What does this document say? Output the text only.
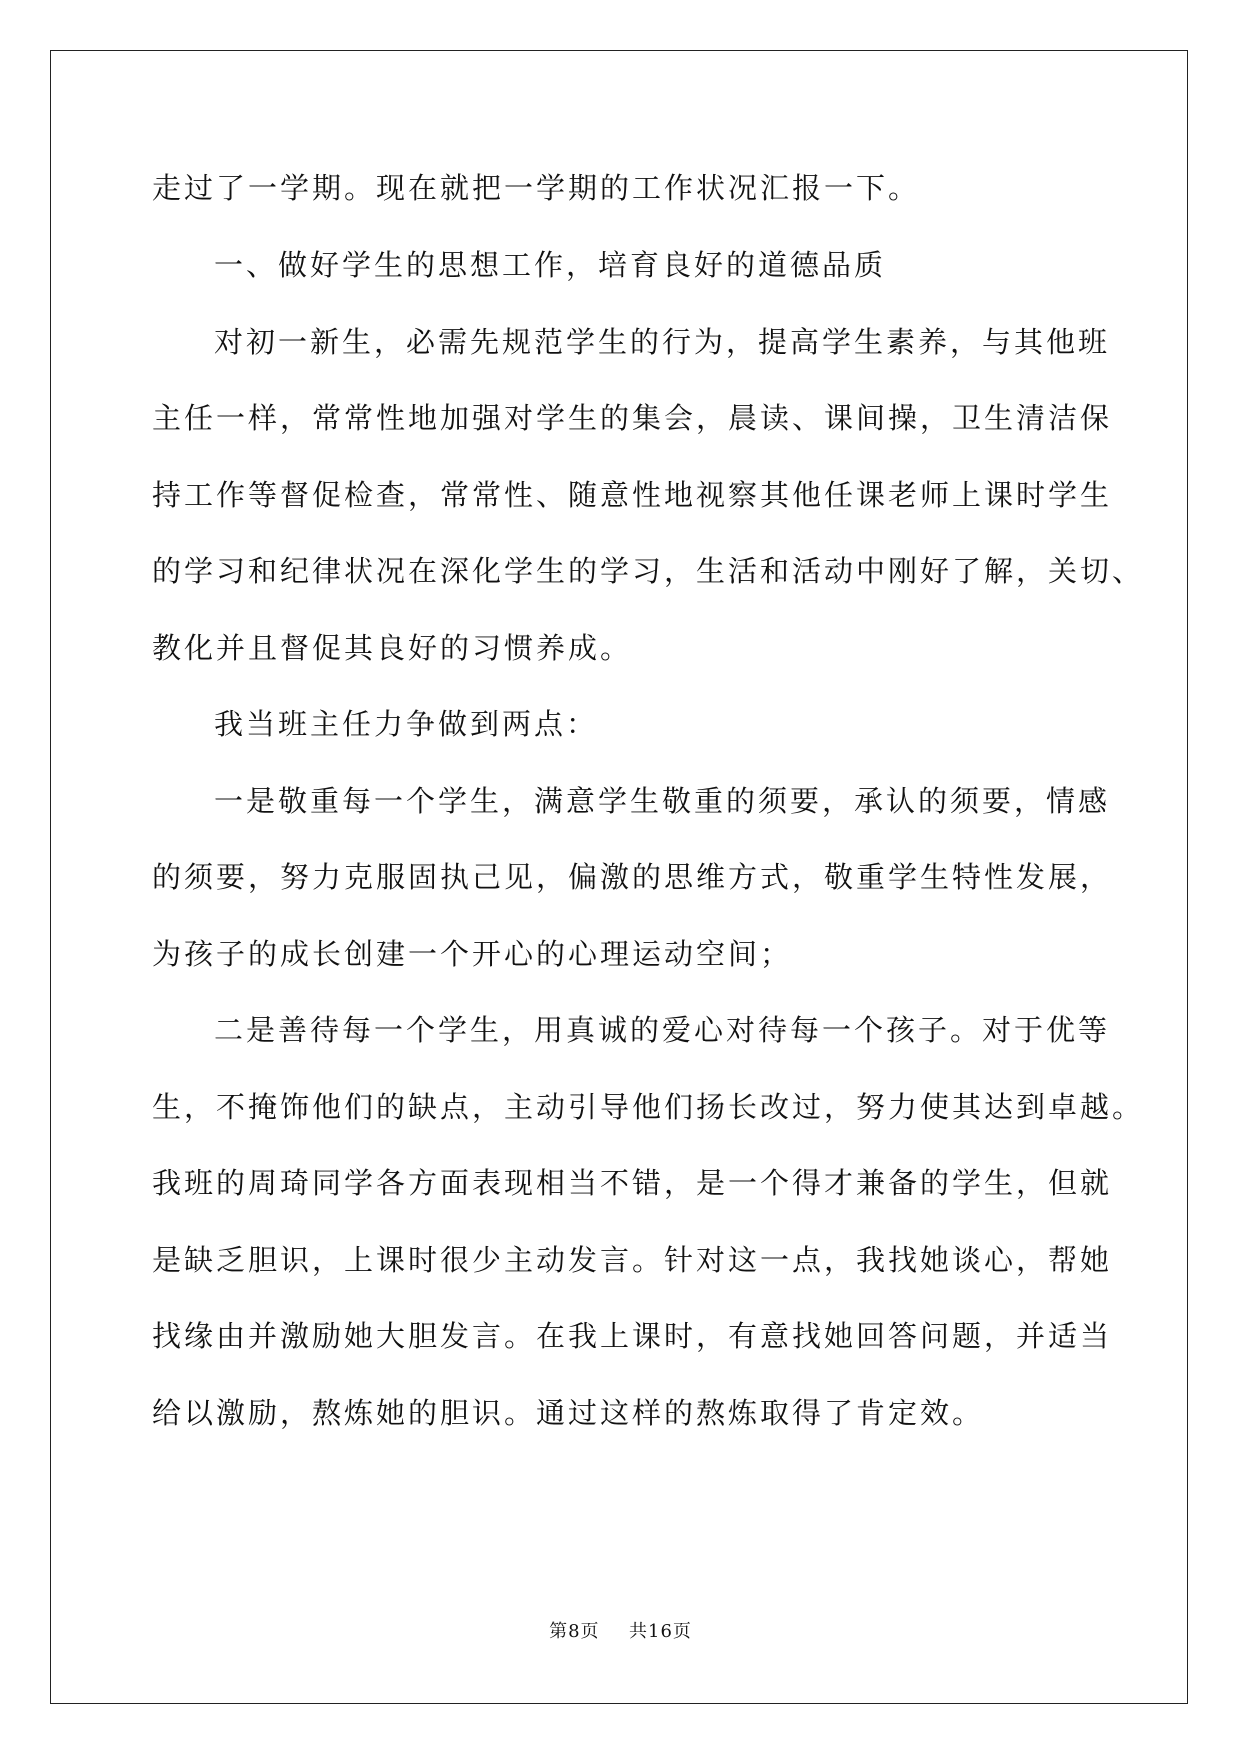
走过了一学期。现在就把一学期的工作状况汇报一下。
一、做好学生的思想工作，培育良好的道德品质
对初一新生，必需先规范学生的行为，提高学生素养，与其他班
主任一样，常常性地加强对学生的集会，晨读、课间操，卫生清洁保
持工作等督促检查，常常性、随意性地视察其他任课老师上课时学生
的学习和纪律状况在深化学生的学习，生活和活动中刚好了解，关切、
教化并且督促其良好的习惯养成。
我当班主任力争做到两点：
一是敬重每一个学生，满意学生敬重的须要，承认的须要，情感
的须要，努力克服固执己见，偏激的思维方式，敬重学生特性发展，
为孩子的成长创建一个开心的心理运动空间；
二是善待每一个学生，用真诚的爱心对待每一个孩子。对于优等
生，不掩饰他们的缺点，主动引导他们扬长改过，努力使其达到卓越。
我班的周琦同学各方面表现相当不错，是一个得才兼备的学生，但就
是缺乏胆识，上课时很少主动发言。针对这一点，我找她谈心，帮她
找缘由并激励她大胆发言。在我上课时，有意找她回答问题，并适当
给以激励，熬炼她的胆识。通过这样的熬炼取得了肯定效。
第8页 共16页
